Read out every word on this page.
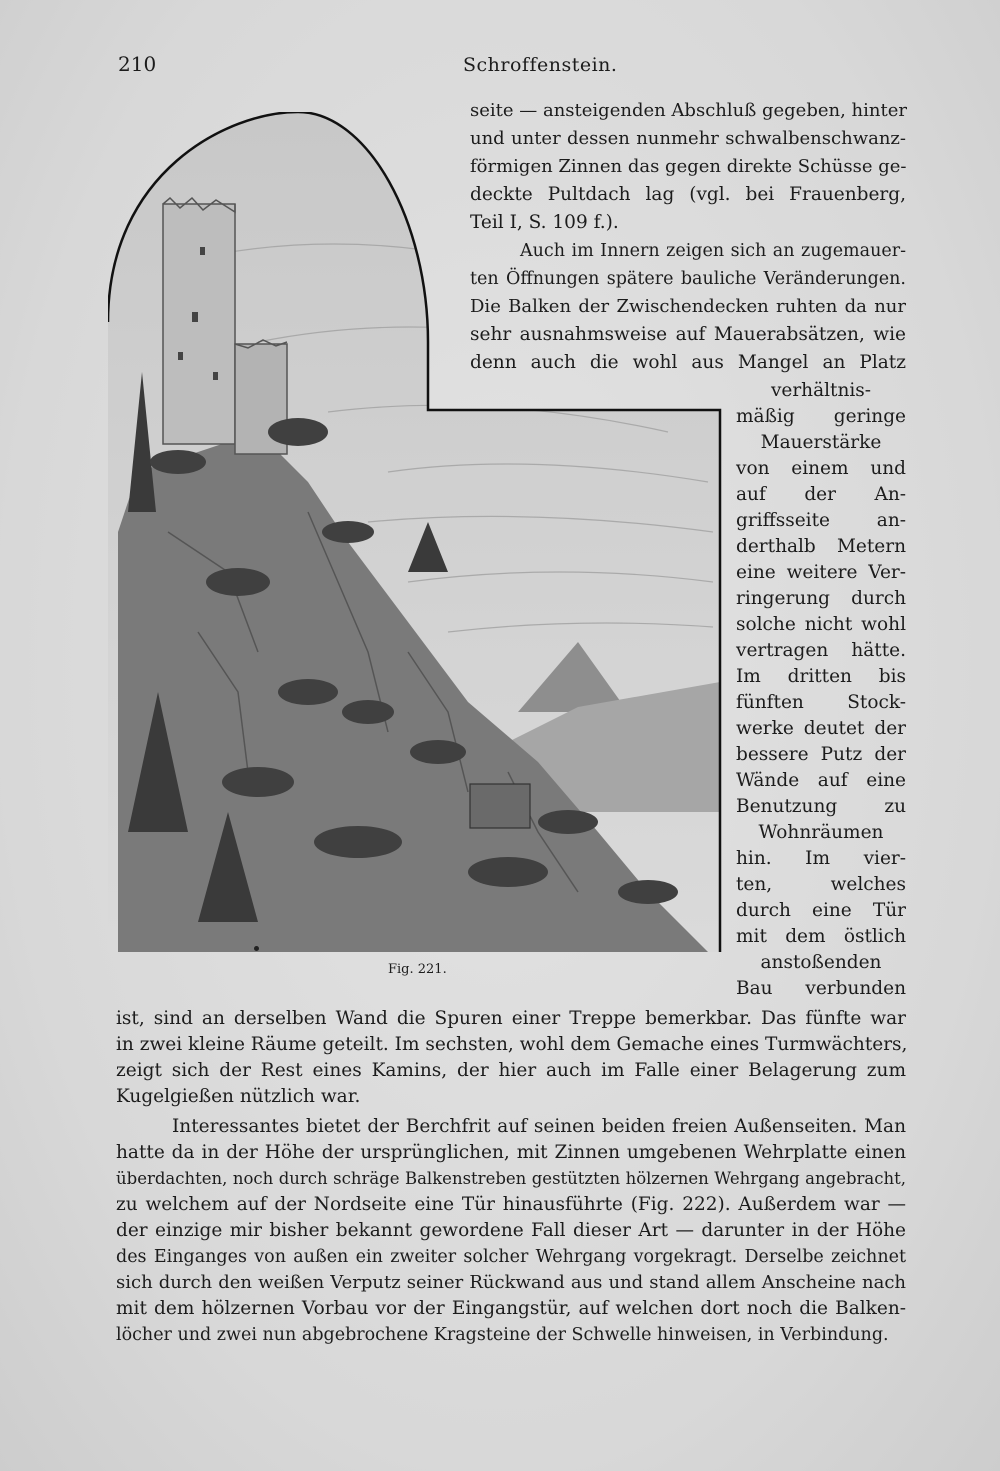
210	Schroffenstein.
Fig. 221.
seite — ansteigenden Abschluß gegeben, hinter
und unter dessen nunmehr schwalbenschwanz-
förmigen Zinnen das gegen direkte Schüsse ge-
deckte Pultdach lag (vgl. bei Frauenberg,
Teil I, S. 109 f.).
Auch im Innern zeigen sich an zugemauer-
ten Öffnungen spätere bauliche Veränderungen.
Die Balken der Zwischendecken ruhten da nur
sehr ausnahmsweise auf Mauerabsätzen, wie
denn auch die wohl aus Mangel an Platz
verhältnis-
mäßig geringe
Mauerstärke
von einem und
auf der An-
griffsseite an-
derthalb Metern
eine weitere Ver-
ringerung durch
solche nicht wohl
vertragen hätte.
Im dritten bis
fünften Stock-
werke deutet der
bessere Putz der
Wände auf eine
Benutzung zu
Wohnräumen
hin. Im vier-
ten, welches
durch eine Tür
mit dem östlich
anstoßenden
Bau verbunden
ist, sind an derselben Wand die Spuren einer Treppe bemerkbar. Das fünfte war
in zwei kleine Räume geteilt. Im sechsten, wohl dem Gemache eines Turmwächters,
zeigt sich der Rest eines Kamins, der hier auch im Falle einer Belagerung zum
Kugelgießen nützlich war.
Interessantes bietet der Berchfrit auf seinen beiden freien Außenseiten. Man
hatte da in der Höhe der ursprünglichen, mit Zinnen umgebenen Wehrplatte einen
überdachten, noch durch schräge Balkenstreben gestützten hölzernen Wehrgang angebracht,
zu welchem auf der Nordseite eine Tür hinausführte (Fig. 222). Außerdem war —
der einzige mir bisher bekannt gewordene Fall dieser Art — darunter in der Höhe
des Einganges von außen ein zweiter solcher Wehrgang vorgekragt. Derselbe zeichnet
sich durch den weißen Verputz seiner Rückwand aus und stand allem Anscheine nach
mit dem hölzernen Vorbau vor der Eingangstür, auf welchen dort noch die Balken-
löcher und zwei nun abgebrochene Kragsteine der Schwelle hinweisen, in Verbindung.
